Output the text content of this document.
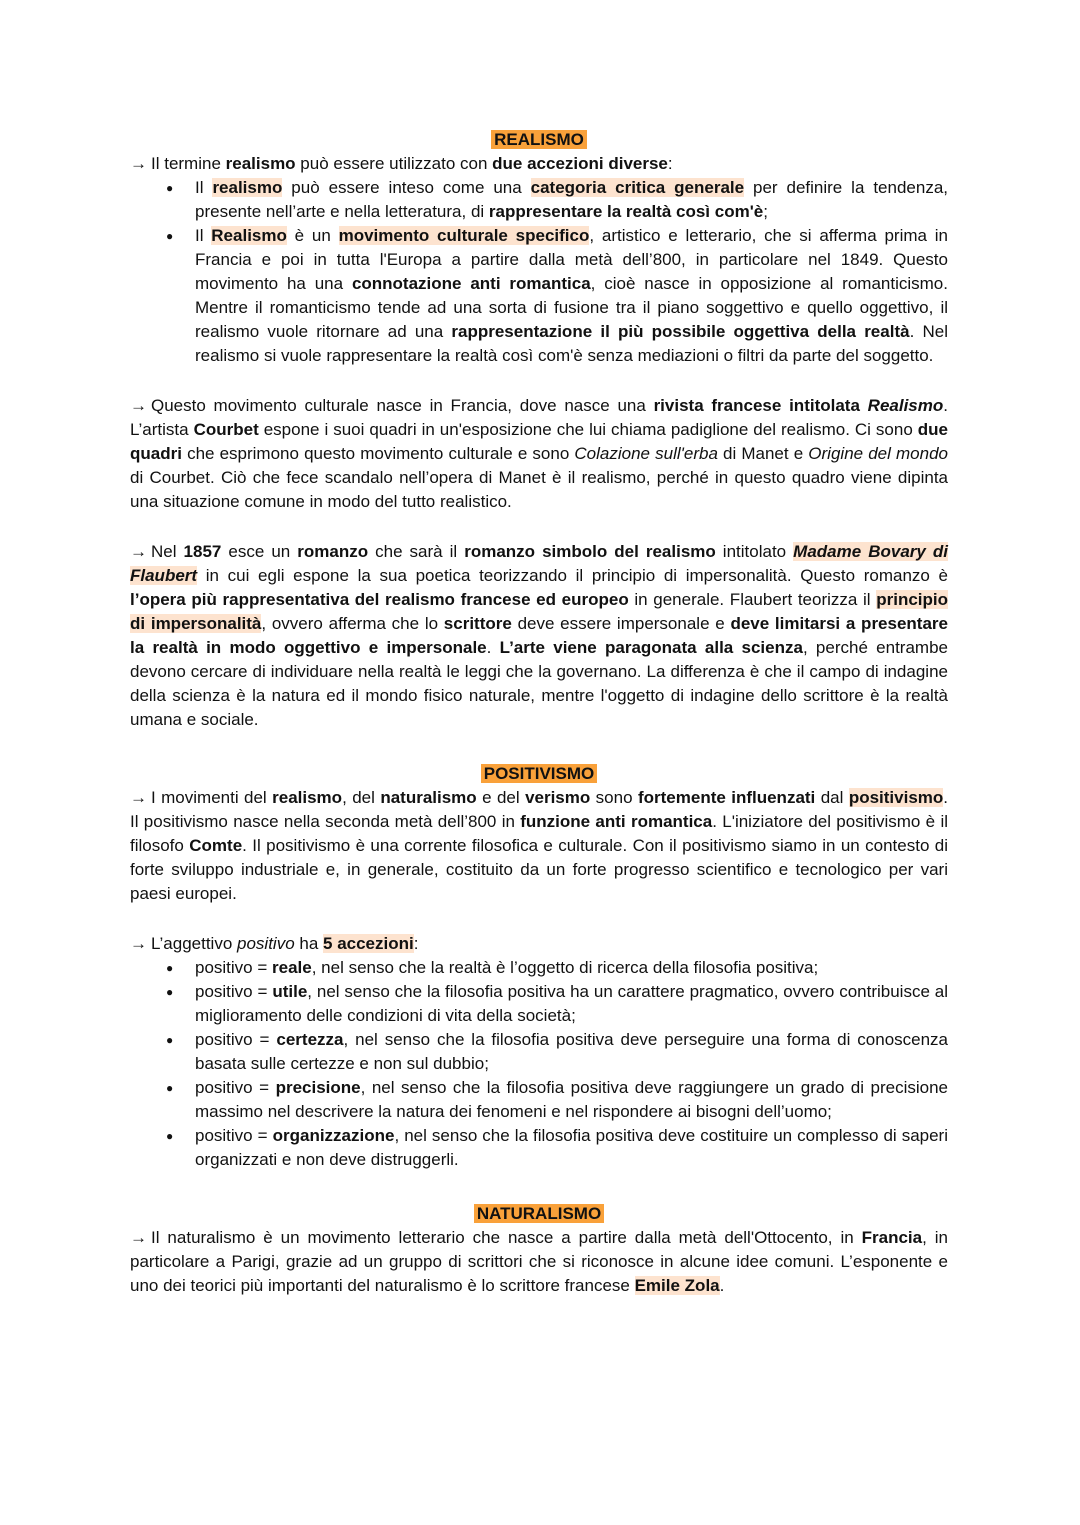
REALISMO

→ Il termine realismo può essere utilizzato con due accezioni diverse:

● Il realismo può essere inteso come una categoria critica generale per definire la tendenza, presente nell’arte e nella letteratura, di rappresentare la realtà così com'è;
● Il Realismo è un movimento culturale specifico, artistico e letterario, che si afferma prima in Francia e poi in tutta l'Europa a partire dalla metà dell’800, in particolare nel 1849. Questo movimento ha una connotazione anti romantica, cioè nasce in opposizione al romanticismo. Mentre il romanticismo tende ad una sorta di fusione tra il piano soggettivo e quello oggettivo, il realismo vuole ritornare ad una rappresentazione il più possibile oggettiva della realtà. Nel realismo si vuole rappresentare la realtà così com'è senza mediazioni o filtri da parte del soggetto.

→ Questo movimento culturale nasce in Francia, dove nasce una rivista francese intitolata Realismo. L’artista Courbet espone i suoi quadri in un'esposizione che lui chiama padiglione del realismo. Ci sono due quadri che esprimono questo movimento culturale e sono Colazione sull'erba di Manet e Origine del mondo di Courbet. Ciò che fece scandalo nell’opera di Manet è il realismo, perché in questo quadro viene dipinta una situazione comune in modo del tutto realistico.

→ Nel 1857 esce un romanzo che sarà il romanzo simbolo del realismo intitolato Madame Bovary di Flaubert in cui egli espone la sua poetica teorizzando il principio di impersonalità. Questo romanzo è l’opera più rappresentativa del realismo francese ed europeo in generale. Flaubert teorizza il principio di impersonalità, ovvero afferma che lo scrittore deve essere impersonale e deve limitarsi a presentare la realtà in modo oggettivo e impersonale. L’arte viene paragonata alla scienza, perché entrambe devono cercare di individuare nella realtà le leggi che la governano. La differenza è che il campo di indagine della scienza è la natura ed il mondo fisico naturale, mentre l'oggetto di indagine dello scrittore è la realtà umana e sociale.

POSITIVISMO

→ I movimenti del realismo, del naturalismo e del verismo sono fortemente influenzati dal positivismo. Il positivismo nasce nella seconda metà dell’800 in funzione anti romantica. L'iniziatore del positivismo è il filosofo Comte. Il positivismo è una corrente filosofica e culturale. Con il positivismo siamo in un contesto di forte sviluppo industriale e, in generale, costituito da un forte progresso scientifico e tecnologico per vari paesi europei.

→ L’aggettivo positivo ha 5 accezioni:

● positivo = reale, nel senso che la realtà è l’oggetto di ricerca della filosofia positiva;
● positivo = utile, nel senso che la filosofia positiva ha un carattere pragmatico, ovvero contribuisce al miglioramento delle condizioni di vita della società;
● positivo = certezza, nel senso che la filosofia positiva deve perseguire una forma di conoscenza basata sulle certezze e non sul dubbio;
● positivo = precisione, nel senso che la filosofia positiva deve raggiungere un grado di precisione massimo nel descrivere la natura dei fenomeni e nel rispondere ai bisogni dell’uomo;
● positivo = organizzazione, nel senso che la filosofia positiva deve costituire un complesso di saperi organizzati e non deve distruggerli.
NATURALISMO

→ Il naturalismo è un movimento letterario che nasce a partire dalla metà dell'Ottocento, in Francia, in particolare a Parigi, grazie ad un gruppo di scrittori che si riconosce in alcune idee comuni. L’esponente e uno dei teorici più importanti del naturalismo è lo scrittore francese Emile Zola.
